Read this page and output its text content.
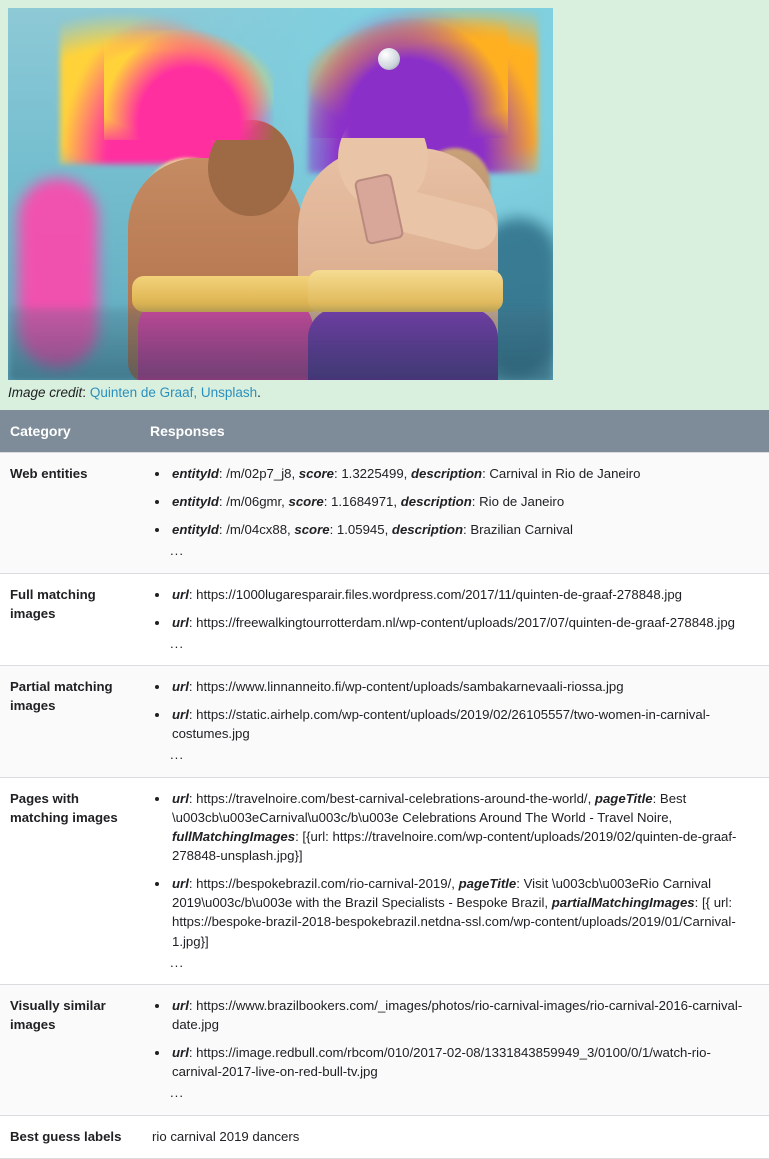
Image credit: Quinten de Graaf, Unsplash.
Category	Responses
Web entities	
•entityId: /m/02p7_j8, score: 1.3225499, description: Carnival in Rio de Janeiro
• entityId: /m/06gmr, score: 1.1684971, description: Rio de Janeiro
• entityId: /m/04cx88, score: 1.05945, description: Brazilian Carnival
...

Full matching images	
• url: https://1000lugaresparair.files.wordpress.com/2017/11/quinten-de-graaf-278848.jpg
• url: https://freewalkingtourrotterdam.nl/wp-content/uploads/2017/07/quinten-de-graaf-278848.jpg
...

Partial matching images	
• url: https://www.linnanneito.fi/wp-content/uploads/sambakarnevaali-riossa.jpg
• url: https://static.airhelp.com/wp-content/uploads/2019/02/26105557/two-women-in-carnival-costumes.jpg
...

Pages with matching images	
• url: https://travelnoire.com/best-carnival-celebrations-around-the-world/, pageTitle: Best \u003cb\u003eCarnival\u003c/b\u003e Celebrations Around The World - Travel Noire, fullMatchingImages: [{url: https://travelnoire.com/wp-content/uploads/2019/02/quinten-de-graaf-278848-unsplash.jpg}]
• url: https://bespokebrazil.com/rio-carnival-2019/, pageTitle: Visit \u003cb\u003eRio Carnival 2019\u003c/b\u003e with the Brazil Specialists - Bespoke Brazil, partialMatchingImages: [{ url: https://bespoke-brazil-2018-bespokebrazil.netdna-ssl.com/wp-content/uploads/2019/01/Carnival-1.jpg}]
...

Visually similar images	
• url: https://www.brazilbookers.com/_images/photos/rio-carnival-images/rio-carnival-2016-carnival-date.jpg
• url: https://image.redbull.com/rbcom/010/2017-02-08/1331843859949_3/0100/0/1/watch-rio-carnival-2017-live-on-red-bull-tv.jpg
...

Best guess labels	rio carnival 2019 dancers
